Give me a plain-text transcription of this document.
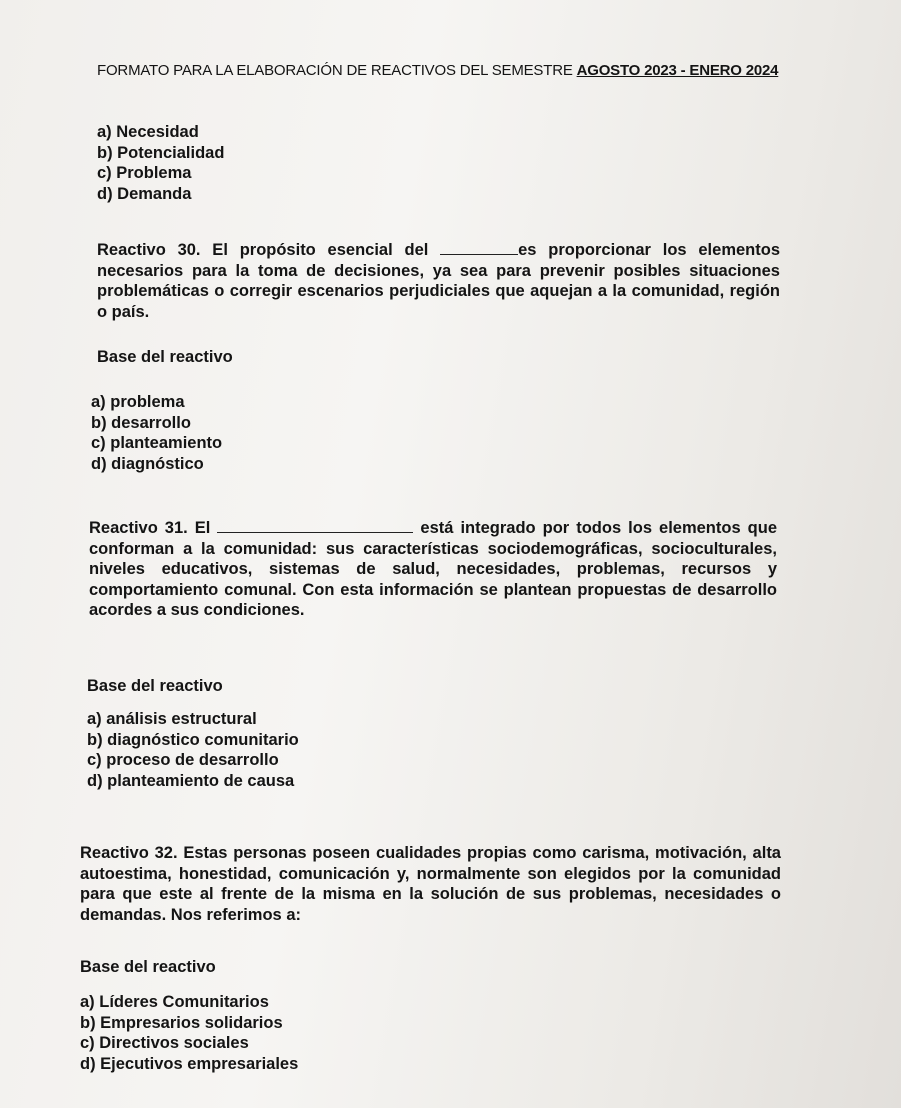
FORMATO PARA LA ELABORACIÓN DE REACTIVOS DEL SEMESTRE AGOSTO 2023 - ENERO 2024
a) Necesidad
b) Potencialidad
c) Problema
d) Demanda
Reactivo 30. El propósito esencial del	es proporcionar los elementos necesarios para la toma de decisiones, ya sea para prevenir posibles situaciones problemáticas o corregir escenarios perjudiciales que aquejan a la comunidad, región o país.
Base del reactivo
a) problema
b) desarrollo
c) planteamiento
d) diagnóstico
Reactivo 31. El	está integrado por todos los elementos que conforman a la comunidad: sus características sociodemográficas, socioculturales, niveles educativos, sistemas de salud, necesidades, problemas, recursos y comportamiento comunal. Con esta información se plantean propuestas de desarrollo acordes a sus condiciones.
Base del reactivo
a) análisis estructural
b) diagnóstico comunitario
c) proceso de desarrollo
d) planteamiento de causa
Reactivo 32. Estas personas poseen cualidades propias como carisma, motivación, alta autoestima, honestidad, comunicación y, normalmente son elegidos por la comunidad para que este al frente de la misma en la solución de sus problemas, necesidades o demandas. Nos referimos a:
Base del reactivo
a) Líderes Comunitarios
b) Empresarios solidarios
c) Directivos sociales
d) Ejecutivos empresariales
